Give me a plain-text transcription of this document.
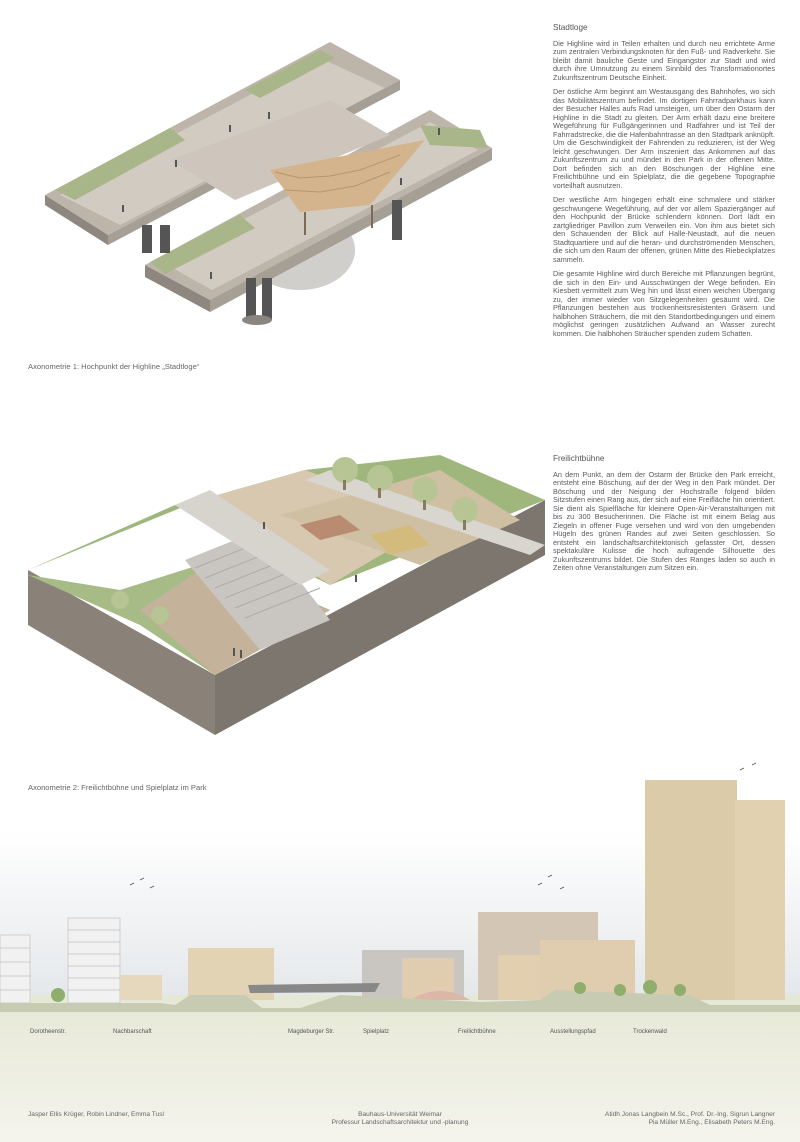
Stadtloge

Die Highline wird in Teilen erhalten und durch neu errichtete Arme zum zentralen Verbindungsknoten für den Fuß- und Radverkehr. Sie bleibt damit bauliche Geste und Eingangstor zur Stadt und wird durch ihre Umnutzung zu einem Sinnbild des Transformationortes Zukunftszentrum Deutsche Einheit.

Der östliche Arm beginnt am Westausgang des Bahnhofes, wo sich das Mobilitätszentrum befindet. Im dortigen Fahrradparkhaus kann der Besucher Halles aufs Rad umsteigen, um über den Ostarm der Highline in die Stadt zu gleiten. Der Arm erhält dazu eine breitere Wegeführung für Fußgängerinnen und Radfahrer und ist Teil der Fahrradstrecke, die die Hafenbahntrasse an den Stadtpark anknüpft. Um die Geschwindigkeit der Fahrenden zu reduzieren, ist der Weg leicht geschwungen. Der Arm inszeniert das Ankommen auf das Zukunftszentrum zu und mündet in den Park in der offenen Mitte. Dort befinden sich an den Böschungen der Highline eine Freilichtbühne und ein Spielplatz, die die gegebene Topographie vorteilhaft ausnutzen.

Der westliche Arm hingegen erhält eine schmalere und stärker geschwungene Wegeführung, auf der vor allem Spaziergänger auf den Hochpunkt der Brücke schlendern können. Dort lädt ein zartgliedriger Pavillon zum Verweilen ein. Von ihm aus bietet sich den Schauenden der Blick auf Halle-Neustadt, auf die neuen Stadtquartiere und auf die heran- und durchströmenden Menschen, die sich um den Raum der offenen, grünen Mitte des Riebeckplatzes sammeln.

Die gesamte Highline wird durch Bereiche mit Pflanzungen begrünt, die sich in den Ein- und Ausschwüngen der Wege befinden. Ein Kiesbett vermittelt zum Weg hin und lässt einen weichen Übergang zu, der immer wieder von Sitzgelegenheiten gesäumt wird. Die Pflanzungen bestehen aus trockenheitsresistenten Gräsern und halbhohen Sträuchern, die mit den Standortbedingungen und einem möglichst geringen zusätzlichen Aufwand an Wasser zurecht kommen. Die halbhohen Sträucher spenden zudem Schatten.

Freilichtbühne

An dem Punkt, an dem der Ostarm der Brücke den Park erreicht, entsteht eine Böschung, auf der der Weg in den Park mündet. Der Böschung und der Neigung der Hochstraße folgend bilden Sitzstufen einen Rang aus, der sich auf eine Freifläche hin orientiert. Sie dient als Spielfläche für kleinere Open-Air-Veranstaltungen mit bis zu 300 Besucherinnen. Die Fläche ist mit einem Belag aus Ziegeln in offener Fuge versehen und wird von den umgebenden Hügeln des grünen Randes auf zwei Seiten geschlossen. So entsteht ein landschaftsarchitektonisch gefasster Ort, dessen spektakuläre Kulisse die hoch aufragende Silhouette des Zukunftszentrums bildet. Die Stufen des Ranges laden so auch in Zeiten ohne Veranstaltungen zum Sitzen ein.

Axonometrie 1: Hochpunkt der Highline „Stadtloge“
Axonometrie 2: Freilichtbühne und Spielplatz im Park
Dorotheenstr.	Nachbarschaft	Magdeburger Str.	Spielplatz	Freilichtbühne	Ausstellungspfad	Trockenwald
Jasper Ellis Krüger, Robin Lindner, Emma Tusl	Bauhaus-Universität Weimar
Professur Landschaftsarchitektur und -planung
Atidh Jonas Langbein M.Sc., Prof. Dr.-Ing. Sigrun Langner
Pia Müller M.Eng., Elisabeth Peters M.Eng.
